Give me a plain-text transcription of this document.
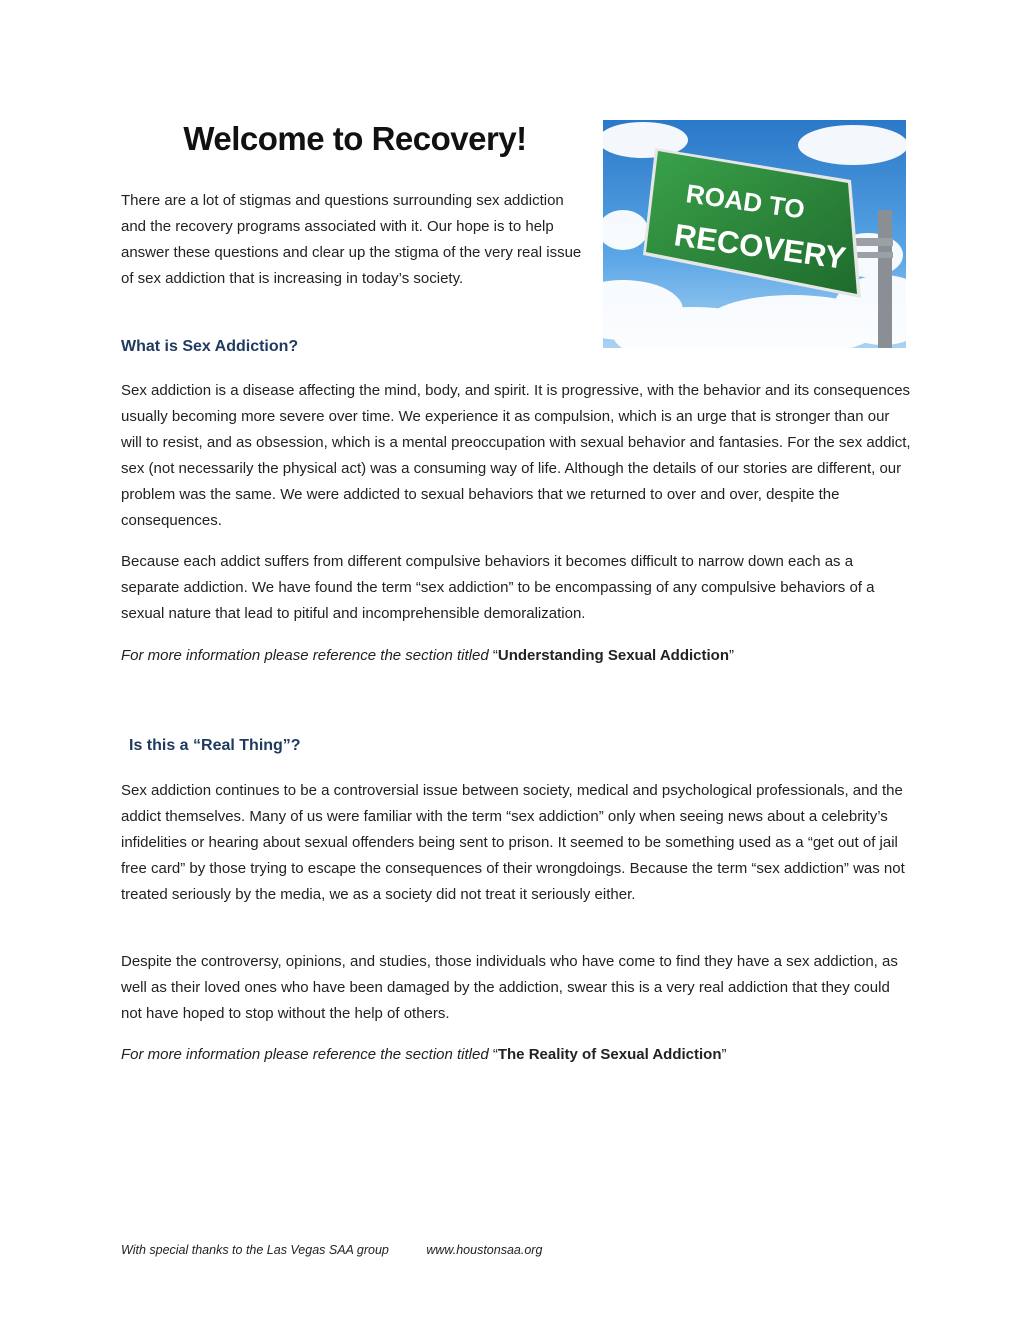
Welcome to Recovery!

There are a lot of stigmas and questions surrounding sex addiction and the recovery programs associated with it. Our hope is to help answer these questions and clear up the stigma of the very real issue of sex addiction that is increasing in today’s society.

ROAD TO
RECOVERY
What is Sex Addiction?

Sex addiction is a disease affecting the mind, body, and spirit. It is progressive, with the behavior and its consequences usually becoming more severe over time. We experience it as compulsion, which is an urge that is stronger than our will to resist, and as obsession, which is a mental preoccupation with sexual behavior and fantasies. For the sex addict, sex (not necessarily the physical act) was a consuming way of life. Although the details of our stories are different, our problem was the same. We were addicted to sexual behaviors that we returned to over and over, despite the consequences.

Because each addict suffers from different compulsive behaviors it becomes difficult to narrow down each as a separate addiction. We have found the term “sex addiction” to be encompassing of any compulsive behaviors of a sexual nature that lead to pitiful and incomprehensible demoralization.

For more information please reference the section titled “Understanding Sexual Addiction”

Is this a “Real Thing”?

Sex addiction continues to be a controversial issue between society, medical and psychological professionals, and the addict themselves. Many of us were familiar with the term “sex addiction” only when seeing news about a celebrity’s infidelities or hearing about sexual offenders being sent to prison. It seemed to be something used as a “get out of jail free card” by those trying to escape the consequences of their wrongdoings. Because the term “sex addiction” was not treated seriously by the media, we as a society did not treat it seriously either.

Despite the controversy, opinions, and studies, those individuals who have come to find they have a sex addiction, as well as their loved ones who have been damaged by the addiction, swear this is a very real addiction that they could not have hoped to stop without the help of others.

For more information please reference the section titled “The Reality of Sexual Addiction”

With special thanks to the Las Vegas SAA group	www.houstonsaa.org
